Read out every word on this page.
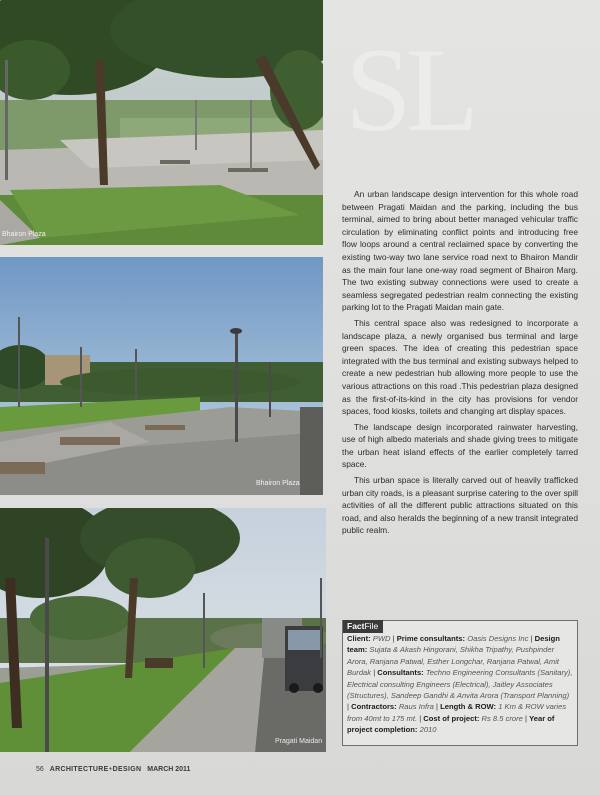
Bhairon Plaza
Bhairon Plaza
Pragati Maidan
SL

An urban landscape design intervention for this whole road between Pragati Maidan and the parking, including the bus terminal, aimed to bring about better managed vehicular traffic circulation by eliminating conflict points and introducing free flow loops around a central reclaimed space by converting the existing two-way two lane service road next to Bhairon Mandir as the main four lane one-way road segment of Bhairon Marg. The two existing subway connections were used to create a seamless segregated pedestrian realm connecting the existing parking lot to the Pragati Maidan main gate.

This central space also was redesigned to incorporate a landscape plaza, a newly organised bus terminal and large green spaces. The idea of creating this pedestrian space integrated with the bus terminal and existing subways helped to create a new pedestrian hub allowing more people to use the various attractions on this road .This pedestrian plaza designed as the first-of-its-kind in the city has provisions for vendor spaces, food kiosks, toilets and changing art display spaces.

The landscape design incorporated rainwater harvesting, use of high albedo materials and shade giving trees to mitigate the urban heat island effects of the earlier completely tarred space.

This urban space is literally carved out of heavily trafficked urban city roads, is a pleasant surprise catering to the over spill activities of all the different public attractions situated on this road, and also heralds the beginning of a new transit integrated public realm.

FactFile
Client: PWD | Prime consultants: Oasis Designs Inc | Design team: Sujata & Akash Hingorani, Shikha Tripathy, Pushpinder Arora, Ranjana Patwal, Esther Longchar, Ranjana Patwal, Amit Burdak | Consultants: Techno Engineering Consultants (Sanitary), Electrical consulting Engineers (Electrical), Jaitley Associates (Structures), Sandeep Gandhi & Anvita Arora (Transport Planning) | Contractors: Raus Infra | Length & ROW: 1 Km & ROW varies from 40mt to 175 mt. | Cost of project: Rs 8.5 crore | Year of project completion: 2010
56 ARCHITECTURE+DESIGN MARCH 2011
